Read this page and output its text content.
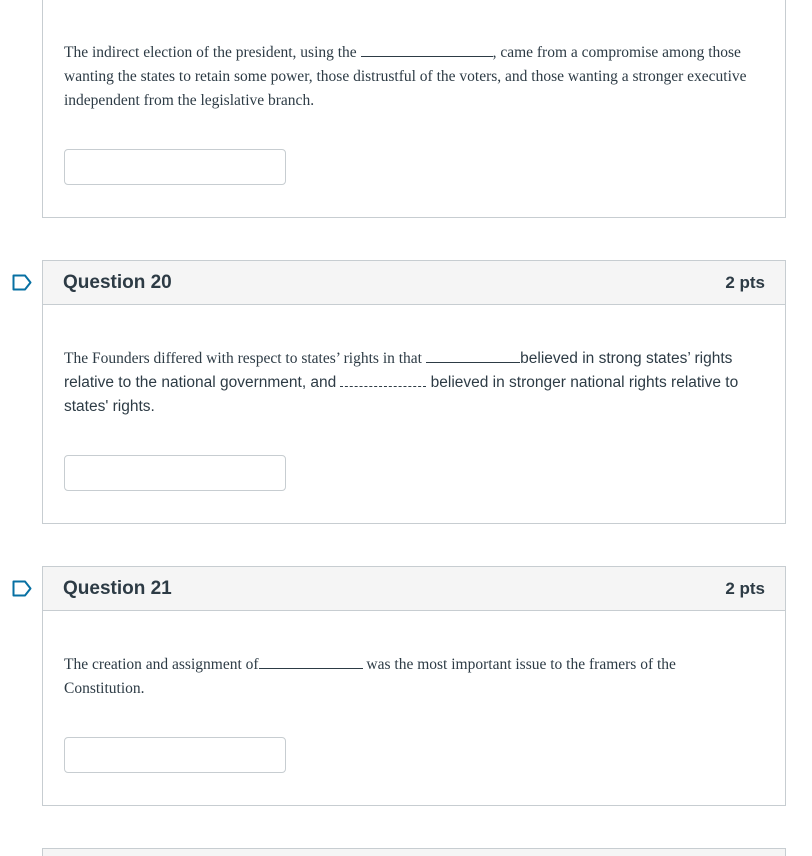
The indirect election of the president, using the	, came from a compromise among those wanting the states to retain some power, those distrustful of the voters, and those wanting a stronger executive independent from the legislative branch.
Question 20	2 pts
The Founders differed with respect to states’ rights in that	believed in strong states’ rights relative to the national government, and	believed in stronger national rights relative to states' rights.
Question 21	2 pts
The creation and assignment of	was the most important issue to the framers of the Constitution.
